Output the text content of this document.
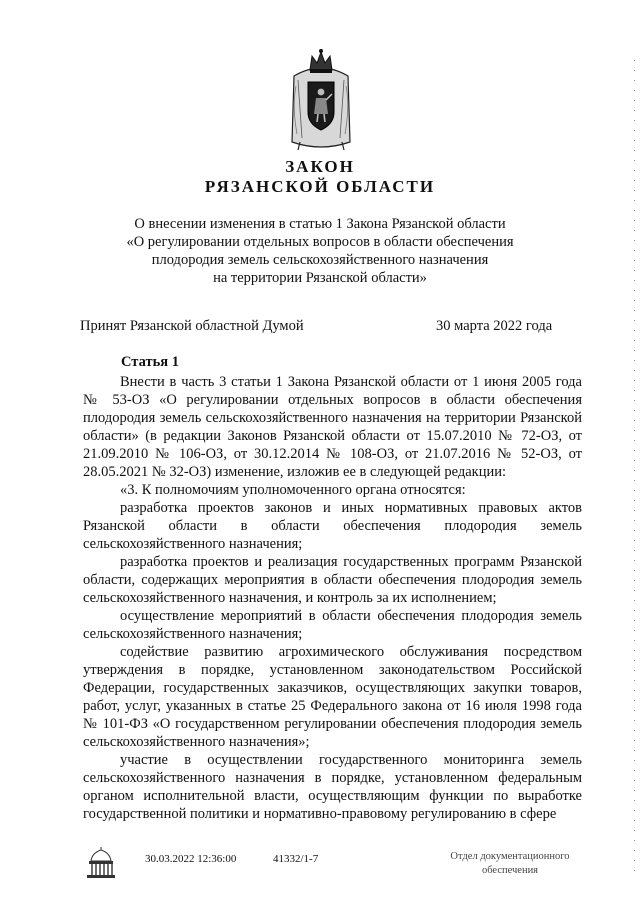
ЗАКОН
РЯЗАНСКОЙ ОБЛАСТИ
О внесении изменения в статью 1 Закона Рязанской области
«О регулировании отдельных вопросов в области обеспечения
плодородия земель сельскохозяйственного назначения
на территории Рязанской области»
Принят Рязанской областной Думой	30 марта 2022 года
Статья 1

Внести в часть 3 статьи 1 Закона Рязанской области от 1 июня 2005 года № 53-ОЗ «О регулировании отдельных вопросов в области обеспечения плодородия земель сельскохозяйственного назначения на территории Рязанской области» (в редакции Законов Рязанской области от 15.07.2010 № 72-ОЗ, от 21.09.2010 № 106-ОЗ, от 30.12.2014 № 108-ОЗ, от 21.07.2016 № 52-ОЗ, от 28.05.2021 № 32-ОЗ) изменение, изложив ее в следующей редакции:

«3. К полномочиям уполномоченного органа относятся:

разработка проектов законов и иных нормативных правовых актов Рязанской области в области обеспечения плодородия земель сельскохозяйственного назначения;

разработка проектов и реализация государственных программ Рязанской области, содержащих мероприятия в области обеспечения плодородия земель сельскохозяйственного назначения, и контроль за их исполнением;

осуществление мероприятий в области обеспечения плодородия земель сельскохозяйственного назначения;

содействие развитию агрохимического обслуживания посредством утверждения в порядке, установленном законодательством Российской Федерации, государственных заказчиков, осуществляющих закупки товаров, работ, услуг, указанных в статье 25 Федерального закона от 16 июля 1998 года № 101-ФЗ «О государственном регулировании обеспечения плодородия земель сельскохозяйственного назначения»;

участие в осуществлении государственного мониторинга земель сельскохозяйственного назначения в порядке, установленном федеральным органом исполнительной власти, осуществляющим функции по выработке государственной политики и нормативно-правовому регулированию в сфере

30.03.2022 12:36:00	41332/1-7	Отдел документационного
обеспечения
